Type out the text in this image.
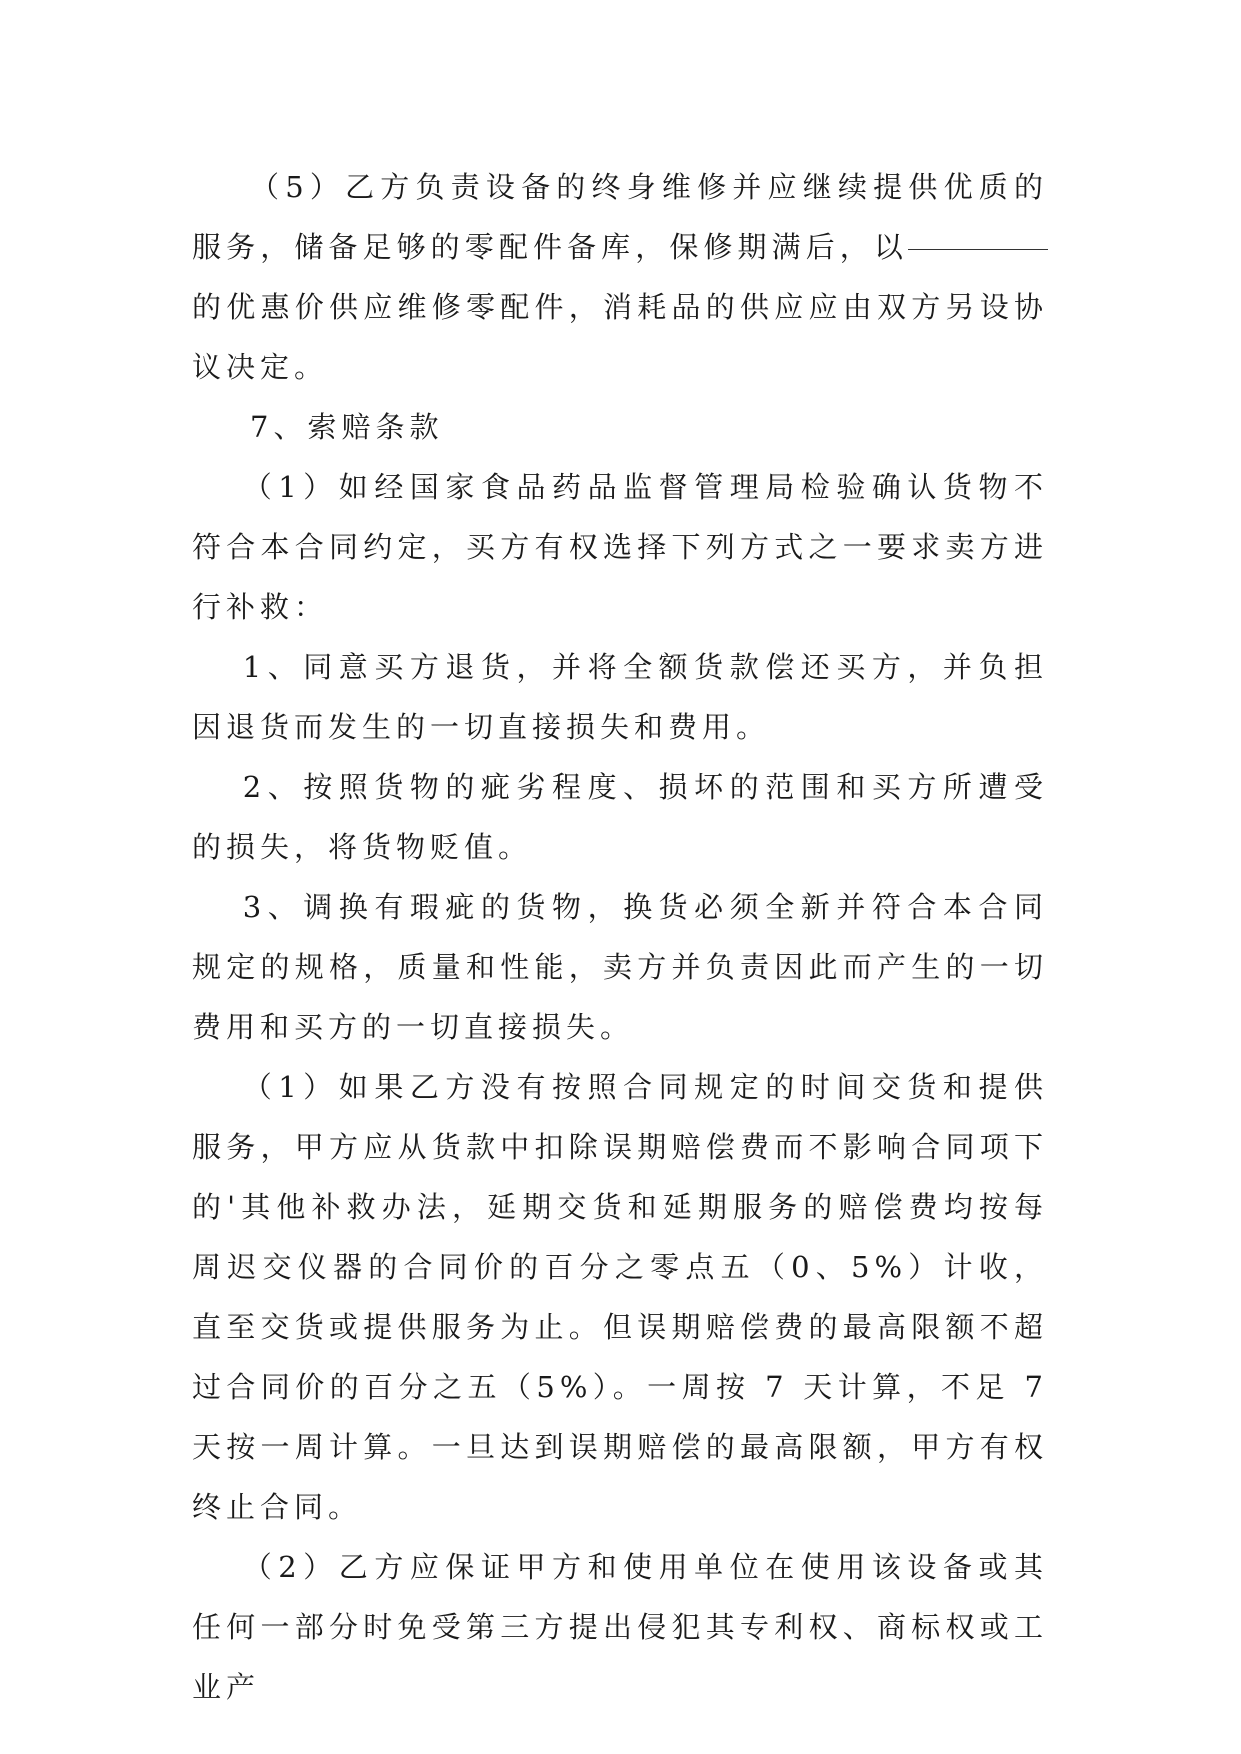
（5）乙方负责设备的终身维修并应继续提供优质的服务，储备足够的零配件备库，保修期满后，以的优惠价供应维修零配件，消耗品的供应应由双方另设协议决定。

7、索赔条款

（1）如经国家食品药品监督管理局检验确认货物不符合本合同约定，买方有权选择下列方式之一要求卖方进行补救：

1、同意买方退货，并将全额货款偿还买方，并负担因退货而发生的一切直接损失和费用。

2、按照货物的疵劣程度、损坏的范围和买方所遭受的损失，将货物贬值。

3、调换有瑕疵的货物，换货必须全新并符合本合同规定的规格，质量和性能，卖方并负责因此而产生的一切费用和买方的一切直接损失。

（1）如果乙方没有按照合同规定的时间交货和提供服务，甲方应从货款中扣除误期赔偿费而不影响合同项下的'其他补救办法，延期交货和延期服务的赔偿费均按每周迟交仪器的合同价的百分之零点五（0、5%）计收，直至交货或提供服务为止。但误期赔偿费的最高限额不超过合同价的百分之五（5%）。一周按 7 天计算，不足 7 天按一周计算。一旦达到误期赔偿的最高限额，甲方有权终止合同。

（2）乙方应保证甲方和使用单位在使用该设备或其任何一部分时免受第三方提出侵犯其专利权、商标权或工业产
